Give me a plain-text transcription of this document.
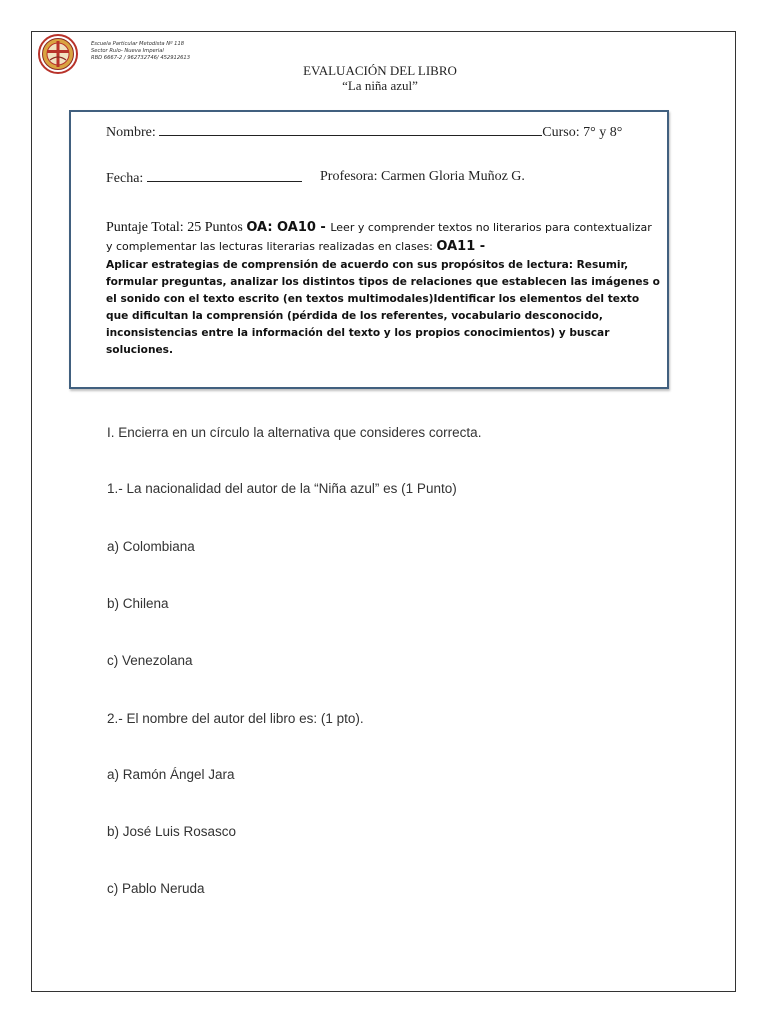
Escuela Particular Metodista Nº 118
Sector Rulo- Nueva Imperial
RBD 6667-2 / 962732746/ 452912613
EVALUACIÓN DEL LIBRO
“La niña azul”
Nombre:	Curso: 7° y 8°
Fecha:	Profesora: Carmen Gloria Muñoz G.
Puntaje Total: 25 Puntos OA: OA10 - Leer y comprender textos no literarios para contextualizar y complementar las lecturas literarias realizadas en clases: OA11 -
Aplicar estrategias de comprensión de acuerdo con sus propósitos de lectura: Resumir, formular preguntas, analizar los distintos tipos de relaciones que establecen las imágenes o el sonido con el texto escrito (en textos multimodales)Identificar los elementos del texto que dificultan la comprensión (pérdida de los referentes, vocabulario desconocido, inconsistencias entre la información del texto y los propios conocimientos) y buscar soluciones.
I. Encierra en un círculo la alternativa que consideres correcta.
1.- La nacionalidad del autor de la “Niña azul” es (1 Punto)
a) Colombiana
b) Chilena
c) Venezolana
2.- El nombre del autor del libro es: (1 pto).
a) Ramón Ángel Jara
b) José Luis Rosasco
c) Pablo Neruda
